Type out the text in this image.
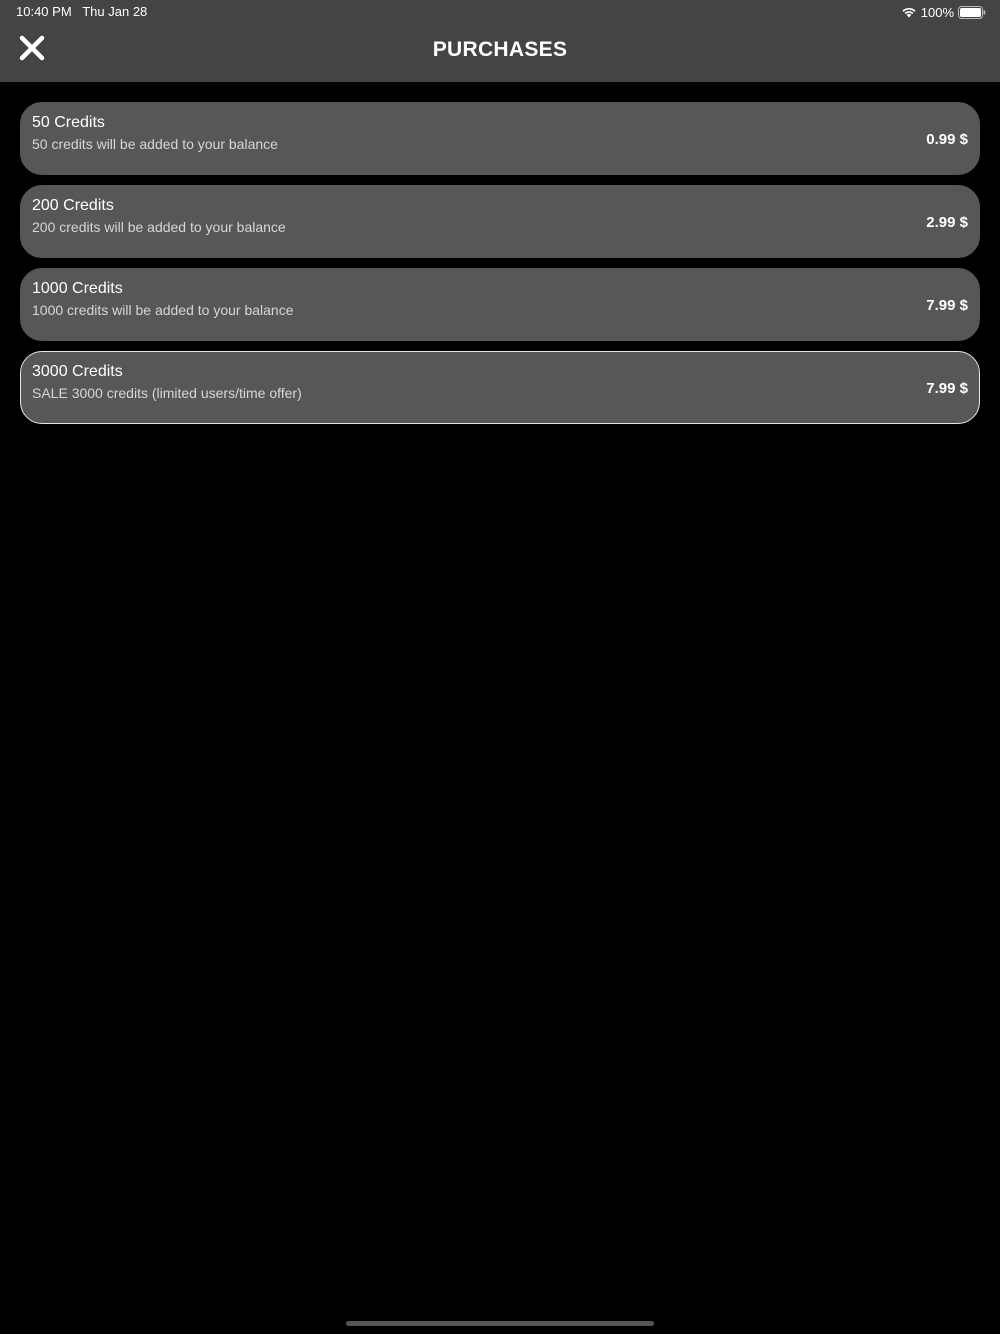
10:40 PM   Thu Jan 28	100%
PURCHASES
50 Credits
50 credits will be added to your balance	0.99 $
200 Credits
200 credits will be added to your balance	2.99 $
1000 Credits
1000 credits will be added to your balance	7.99 $
3000 Credits
SALE 3000 credits (limited users/time offer)	7.99 $
